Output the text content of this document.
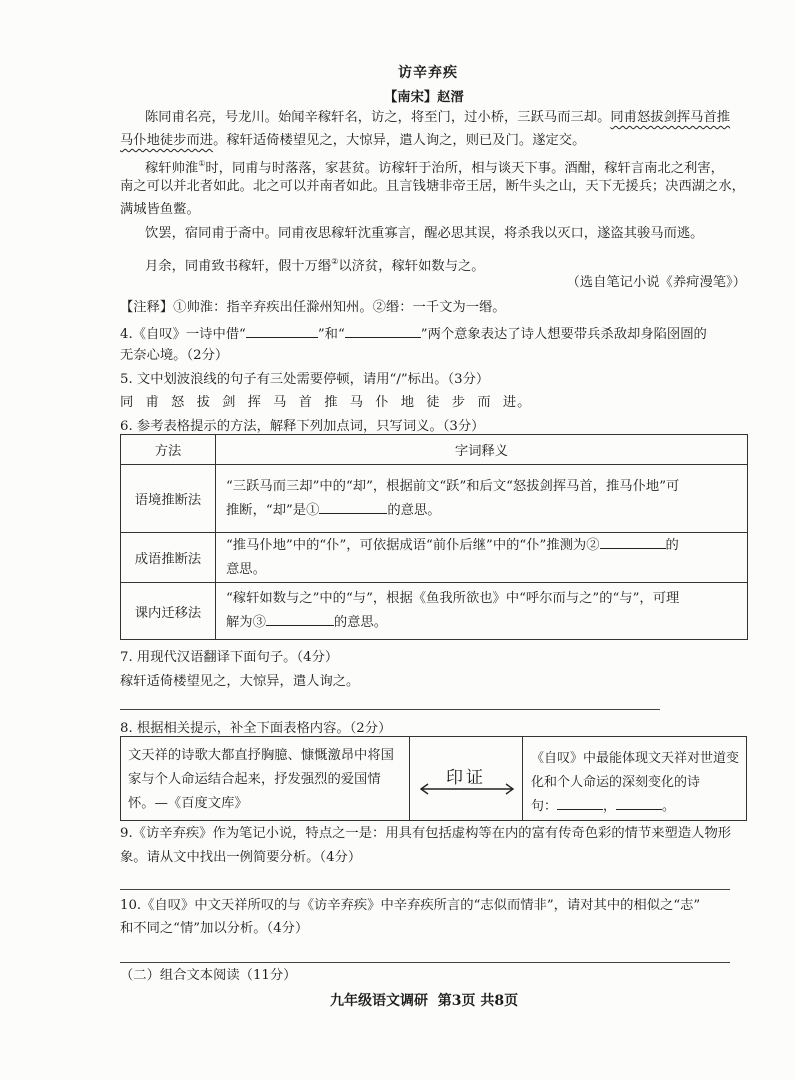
访辛弃疾
【南宋】赵溍
陈同甫名亮，号龙川。始闻辛稼轩名，访之，将至门，过小桥，三跃马而三却。同甫怒拔剑挥马首推
马仆地徒步而进。稼轩适倚楼望见之，大惊异，遣人询之，则已及门。遂定交。
稼轩帅淮①时，同甫与时落落，家甚贫。访稼轩于治所，相与谈天下事。酒酣，稼轩言南北之利害，
南之可以并北者如此。北之可以并南者如此。且言钱塘非帝王居，断牛头之山，天下无援兵；决西湖之水，
满城皆鱼鳖。
饮罢，宿同甫于斋中。同甫夜思稼轩沈重寡言，醒必思其误，将杀我以灭口，遂盗其骏马而逃。
月余，同甫致书稼轩，假十万缗②以济贫，稼轩如数与之。
（选自笔记小说《养疴漫笔》）
【注释】①帅淮：指辛弃疾出任滁州知州。②缗：一千文为一缗。
4.《自叹》一诗中借“	”和“	”两个意象表达了诗人想要带兵杀敌却身陷囹圄的
无奈心境。（2分）
5. 文中划波浪线的句子有三处需要停顿，请用“/”标出。（3分）
同 甫 怒 拔 剑 挥 马 首 推 马 仆 地 徒 步 而 进。
6. 参考表格提示的方法，解释下列加点词，只写词义。（3分）
方法	字词释义
语境推断法	“三跃马而三却”中的“却”，根据前文“跃”和后文“怒拔剑挥马首，推马仆地”可
推断，“却”是① 的意思。

成语推断法	“推马仆地”中的“仆”，可依据成语“前仆后继”中的“仆”推测为② 的
意思。

课内迁移法	“稼轩如数与之”中的“与”，根据《鱼我所欲也》中“呼尔而与之”的“与”，可理
解为③ 的意思。
7. 用现代汉语翻译下面句子。（4分）
稼轩适倚楼望见之，大惊异，遣人询之。
8. 根据相关提示，补全下面表格内容。（2分）
文天祥的诗歌大都直抒胸臆、慷慨激昂中将国
家与个人命运结合起来，抒发强烈的爱国情
怀。—《百度文库》
印证
《自叹》中最能体现文天祥对世道变
化和个人命运的深刻变化的诗
句：	，	。
9.《访辛弃疾》作为笔记小说，特点之一是：用具有包括虚构等在内的富有传奇色彩的情节来塑造人物形
象。请从文中找出一例简要分析。（4分）
10.《自叹》中文天祥所叹的与《访辛弃疾》中辛弃疾所言的“志似而情非”，请对其中的相似之“志”
和不同之“情”加以分析。（4分）
（二）组合文本阅读（11分）
九年级语文调研 第3页 共8页
